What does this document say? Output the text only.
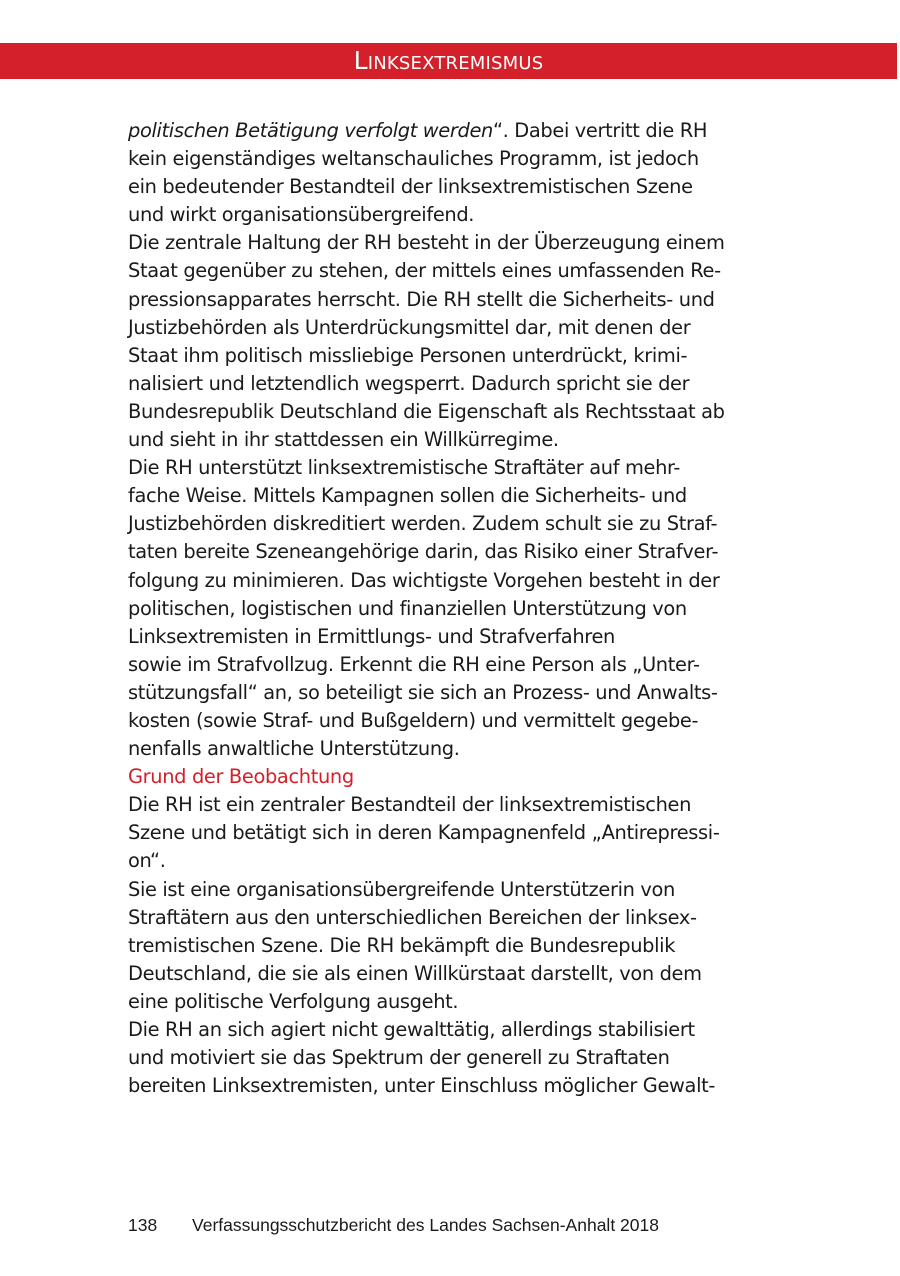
Linksextremismus

politischen Betätigung verfolgt werden“. Dabei vertritt die RH
kein eigenständiges weltanschauliches Programm, ist jedoch
ein bedeutender Bestandteil der linksextremistischen Szene
und wirkt organisationsübergreifend.

Die zentrale Haltung der RH besteht in der Überzeugung einem
Staat gegenüber zu stehen, der mittels eines umfassenden Re-
pressionsapparates herrscht. Die RH stellt die Sicherheits- und
Justizbehörden als Unterdrückungsmittel dar, mit denen der
Staat ihm politisch missliebige Personen unterdrückt, krimi-
nalisiert und letztendlich wegsperrt. Dadurch spricht sie der
Bundesrepublik Deutschland die Eigenschaft als Rechtsstaat ab
und sieht in ihr stattdessen ein Willkürregime.

Die RH unterstützt linksextremistische Straftäter auf mehr-
fache Weise. Mittels Kampagnen sollen die Sicherheits- und
Justizbehörden diskreditiert werden. Zudem schult sie zu Straf-
taten bereite Szeneangehörige darin, das Risiko einer Strafver-
folgung zu minimieren. Das wichtigste Vorgehen besteht in der
politischen, logistischen und finanziellen Unterstützung von
Linksextremisten in Ermittlungs- und Strafverfahren
sowie im Strafvollzug. Erkennt die RH eine Person als „Unter-
stützungsfall“ an, so beteiligt sie sich an Prozess- und Anwalts-
kosten (sowie Straf- und Bußgeldern) und vermittelt gegebe-
nenfalls anwaltliche Unterstützung.

Grund der Beobachtung

Die RH ist ein zentraler Bestandteil der linksextremistischen
Szene und betätigt sich in deren Kampagnenfeld „Antirepressi-
on“.

Sie ist eine organisationsübergreifende Unterstützerin von
Straftätern aus den unterschiedlichen Bereichen der linksex-
tremistischen Szene. Die RH bekämpft die Bundesrepublik
Deutschland, die sie als einen Willkürstaat darstellt, von dem
eine politische Verfolgung ausgeht.

Die RH an sich agiert nicht gewalttätig, allerdings stabilisiert
und motiviert sie das Spektrum der generell zu Straftaten
bereiten Linksextremisten, unter Einschluss möglicher Gewalt-

138 Verfassungsschutzbericht des Landes Sachsen-Anhalt 2018
